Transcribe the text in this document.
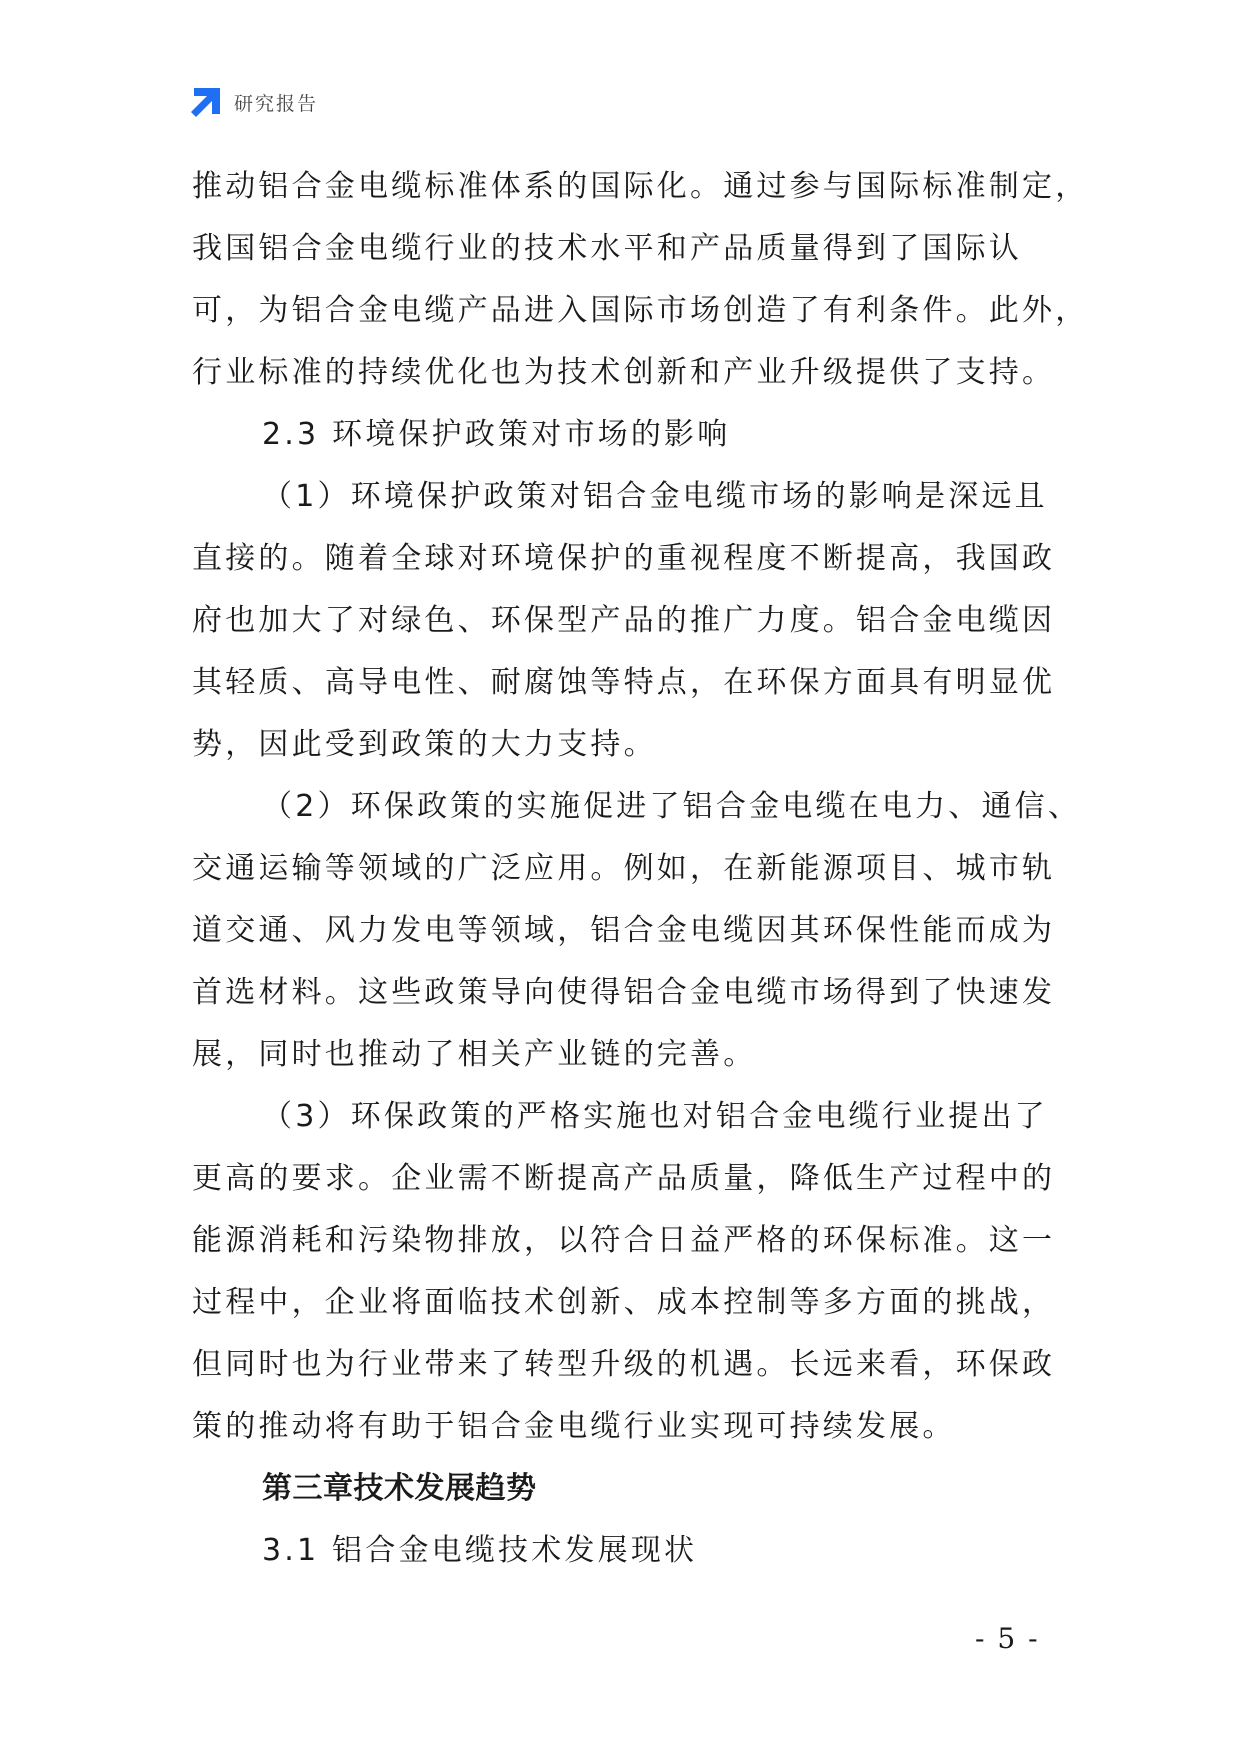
研究报告
推动铝合金电缆标准体系的国际化。通过参与国际标准制定，
我国铝合金电缆行业的技术水平和产品质量得到了国际认
可，为铝合金电缆产品进入国际市场创造了有利条件。此外，
行业标准的持续优化也为技术创新和产业升级提供了支持。
2.3 环境保护政策对市场的影响
（1）环境保护政策对铝合金电缆市场的影响是深远且
直接的。随着全球对环境保护的重视程度不断提高，我国政
府也加大了对绿色、环保型产品的推广力度。铝合金电缆因
其轻质、高导电性、耐腐蚀等特点，在环保方面具有明显优
势，因此受到政策的大力支持。
（2）环保政策的实施促进了铝合金电缆在电力、通信、
交通运输等领域的广泛应用。例如，在新能源项目、城市轨
道交通、风力发电等领域，铝合金电缆因其环保性能而成为
首选材料。这些政策导向使得铝合金电缆市场得到了快速发
展，同时也推动了相关产业链的完善。
（3）环保政策的严格实施也对铝合金电缆行业提出了
更高的要求。企业需不断提高产品质量，降低生产过程中的
能源消耗和污染物排放，以符合日益严格的环保标准。这一
过程中，企业将面临技术创新、成本控制等多方面的挑战，
但同时也为行业带来了转型升级的机遇。长远来看，环保政
策的推动将有助于铝合金电缆行业实现可持续发展。
第三章技术发展趋势
3.1 铝合金电缆技术发展现状
- 5 -
